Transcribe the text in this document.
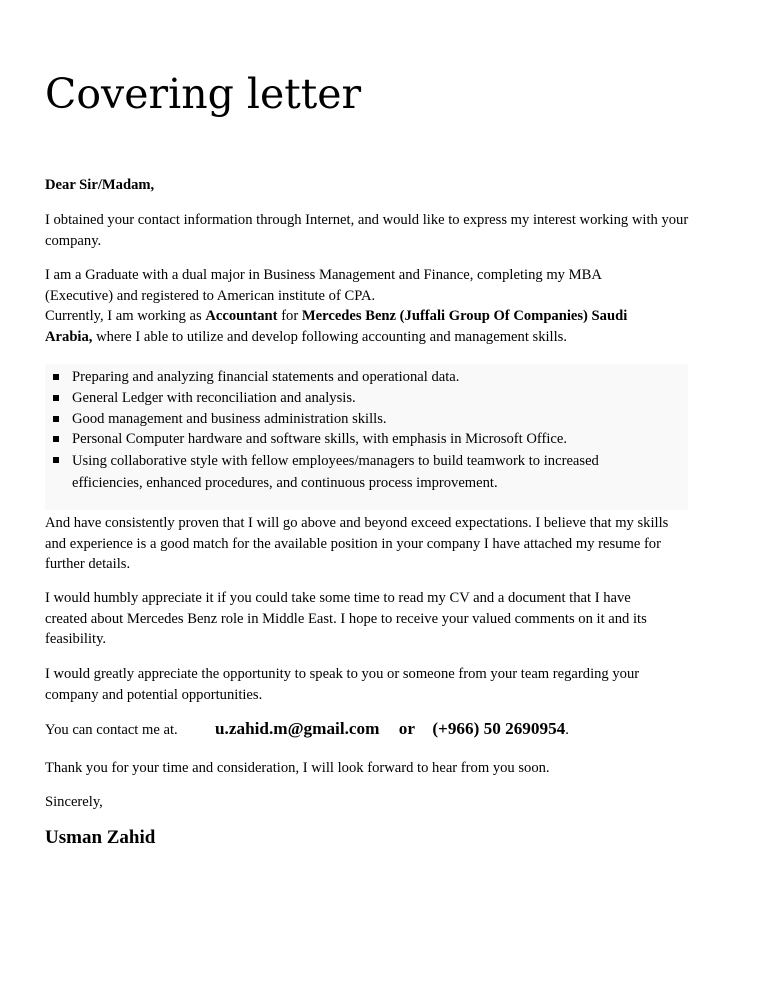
Covering letter

Dear Sir/Madam,

I obtained your contact information through Internet, and would like to express my interest working with your company.

I am a Graduate with a dual major in Business Management and Finance, completing my MBA (Executive) and registered to American institute of CPA.

Currently, I am working as Accountant for Mercedes Benz (Juffali Group Of Companies) Saudi Arabia, where I able to utilize and develop following accounting and management skills.

Preparing and analyzing financial statements and operational data.
General Ledger with reconciliation and analysis.
Good management and business administration skills.
Personal Computer hardware and software skills, with emphasis in Microsoft Office.
Using collaborative style with fellow employees/managers to build teamwork to increased efficiencies, enhanced procedures, and continuous process improvement.

And have consistently proven that I will go above and beyond exceed expectations. I believe that my skills and experience is a good match for the available position in your company I have attached my resume for further details.

I would humbly appreciate it if you could take some time to read my CV and a document that I have created about Mercedes Benz role in Middle East. I hope to receive your valued comments on it and its feasibility.

I would greatly appreciate the opportunity to speak to you or someone from your team regarding your company and potential opportunities.

You can contact me at. u.zahid.m@gmail.com or (+966) 50 2690954.

Thank you for your time and consideration, I will look forward to hear from you soon.

Sincerely,

Usman Zahid
